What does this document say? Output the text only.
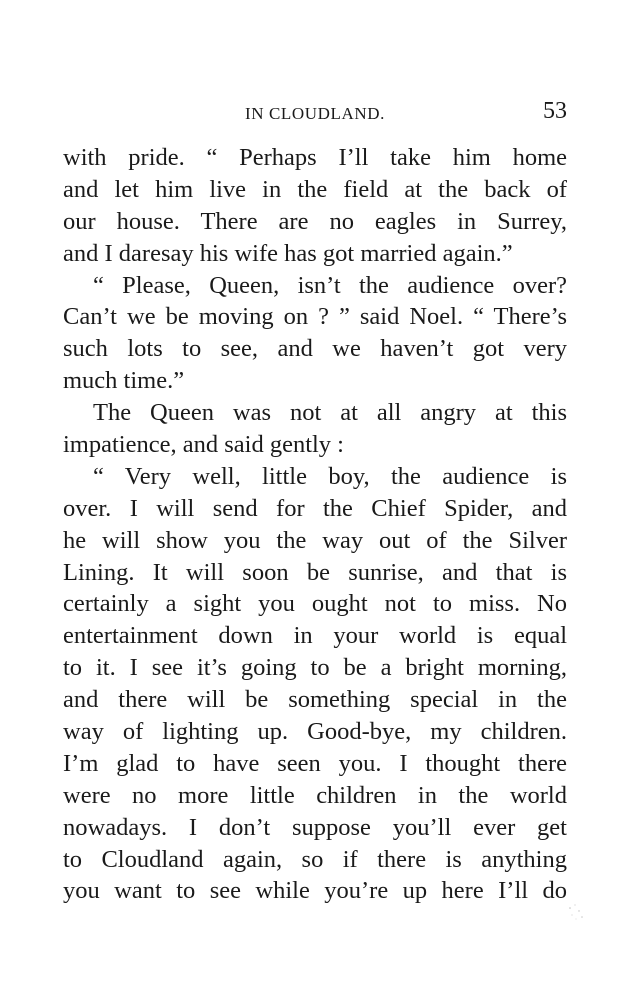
IN CLOUDLAND.	53
with pride. “ Perhaps I’ll take him home
and let him live in the field at the back of
our house. There are no eagles in Surrey,
and I daresay his wife has got married again.”
“ Please, Queen, isn’t the audience over?
Can’t we be moving on ? ” said Noel. “ There’s
such lots to see, and we haven’t got very
much time.”
The Queen was not at all angry at this
impatience, and said gently :
“ Very well, little boy, the audience is
over. I will send for the Chief Spider, and
he will show you the way out of the Silver
Lining. It will soon be sunrise, and that is
certainly a sight you ought not to miss. No
entertainment down in your world is equal
to it. I see it’s going to be a bright morning,
and there will be something special in the
way of lighting up. Good-bye, my children.
I’m glad to have seen you. I thought there
were no more little children in the world
nowadays. I don’t suppose you’ll ever get
to Cloudland again, so if there is anything
you want to see while you’re up here I’ll do
